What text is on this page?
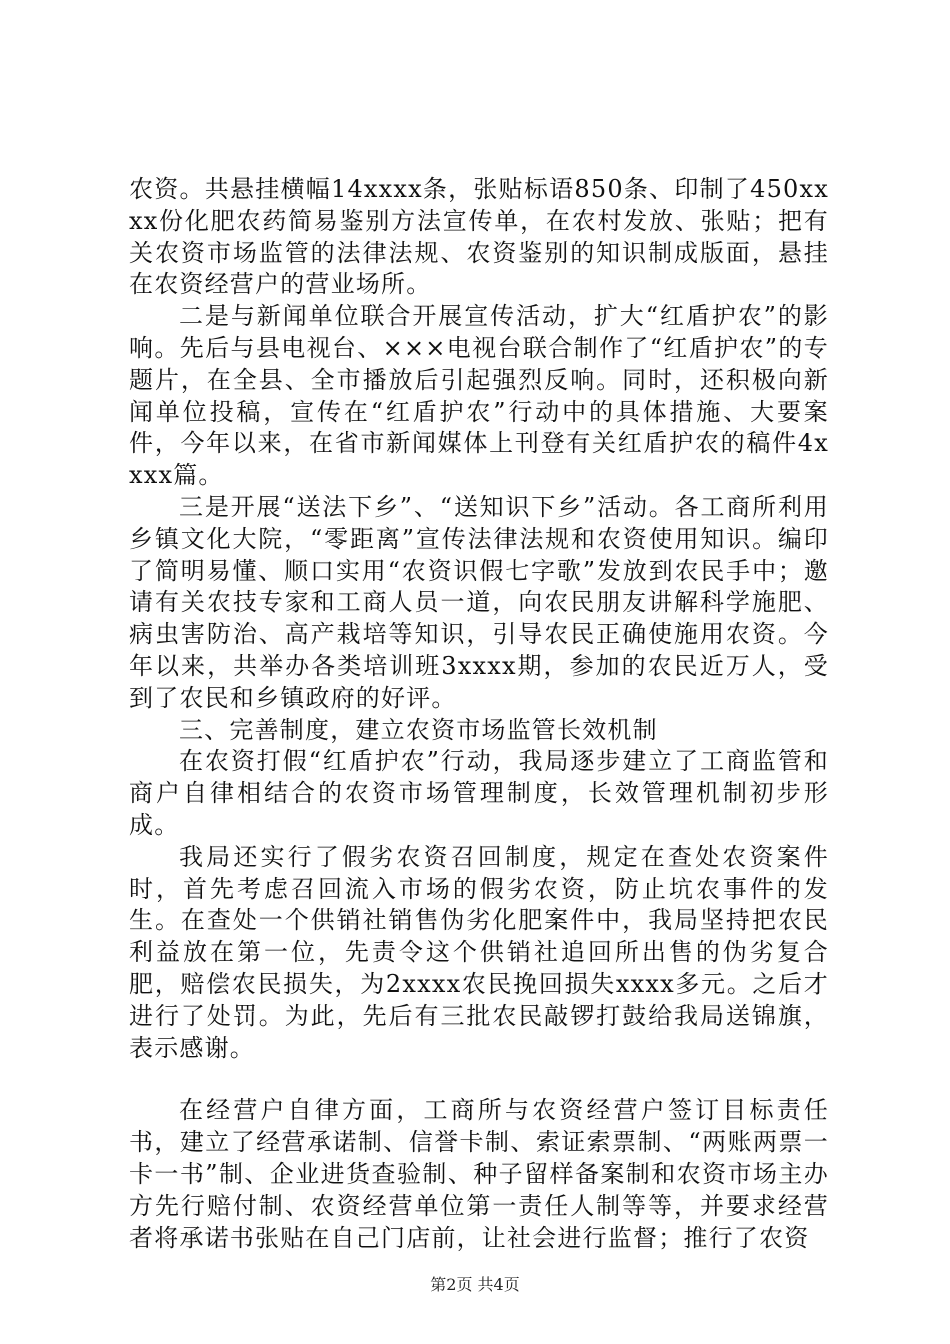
农资。共悬挂横幅14xxxx条，张贴标语850条、印制了450xxxx份化肥农药简易鉴别方法宣传单，在农村发放、张贴；把有关农资市场监管的法律法规、农资鉴别的知识制成版面，悬挂在农资经营户的营业场所。

二是与新闻单位联合开展宣传活动，扩大“红盾护农”的影响。先后与县电视台、×××电视台联合制作了“红盾护农”的专题片，在全县、全市播放后引起强烈反响。同时，还积极向新闻单位投稿，宣传在“红盾护农”行动中的具体措施、大要案件，今年以来，在省市新闻媒体上刊登有关红盾护农的稿件4xxxx篇。

三是开展“送法下乡”、“送知识下乡”活动。各工商所利用乡镇文化大院，“零距离”宣传法律法规和农资使用知识。编印了简明易懂、顺口实用“农资识假七字歌”发放到农民手中；邀请有关农技专家和工商人员一道，向农民朋友讲解科学施肥、病虫害防治、高产栽培等知识，引导农民正确使施用农资。今年以来，共举办各类培训班3xxxx期，参加的农民近万人，受到了农民和乡镇政府的好评。

三、完善制度，建立农资市场监管长效机制

在农资打假“红盾护农”行动，我局逐步建立了工商监管和商户自律相结合的农资市场管理制度，长效管理机制初步形成。

我局还实行了假劣农资召回制度，规定在查处农资案件时，首先考虑召回流入市场的假劣农资，防止坑农事件的发生。在查处一个供销社销售伪劣化肥案件中，我局坚持把农民利益放在第一位，先责令这个供销社追回所出售的伪劣复合肥，赔偿农民损失，为2xxxx农民挽回损失xxxx多元。之后才进行了处罚。为此，先后有三批农民敲锣打鼓给我局送锦旗，表示感谢。

在经营户自律方面，工商所与农资经营户签订目标责任书，建立了经营承诺制、信誉卡制、索证索票制、“两账两票一卡一书”制、企业进货查验制、种子留样备案制和农资市场主办方先行赔付制、农资经营单位第一责任人制等等，并要求经营者将承诺书张贴在自己门店前，让社会进行监督；推行了农资

第2页 共4页
